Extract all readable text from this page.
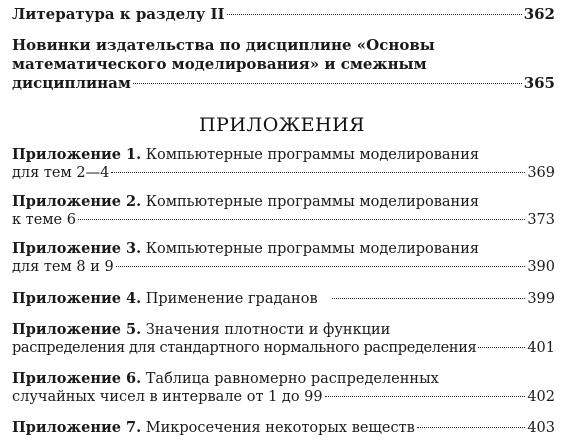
Литература к разделу II	362
Новинки издательства по дисциплине «Основы
математического моделирования» и смежным
дисциплинам	365
ПРИЛОЖЕНИЯ
Приложение 1. Компьютерные программы моделирования
для тем 2—4	369
Приложение 2. Компьютерные программы моделирования
к теме 6	373
Приложение 3. Компьютерные программы моделирования
для тем 8 и 9	390
Приложение 4. Применение граданов	399
Приложение 5. Значения плотности и функции
распределения для стандартного нормального распределения	401
Приложение 6. Таблица равномерно распределенных
случайных чисел в интервале от 1 до 99	402
Приложение 7. Микросечения некоторых веществ	403
